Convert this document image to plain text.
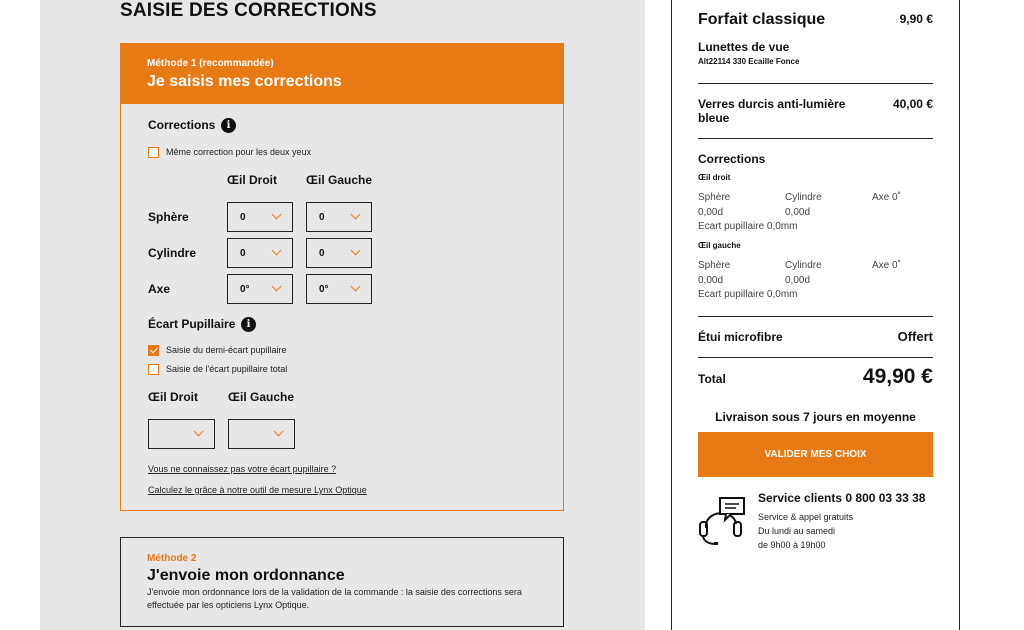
SAISIE DES CORRECTIONS
Méthode 1 (recommandée)
Je saisis mes corrections
Corrections	i
Même correction pour les deux yeux
Œil Droit Œil Gauche
Sphère	0	0
Cylindre	0	0
Axe	0°	0°
Écart Pupillaire	i
Saisie du demi-écart pupillaire
Saisie de l'écart pupillaire total
Œil Droit	Œil Gauche
Vous ne connaissez pas votre écart pupillaire ?
Calculez le grâce à notre outil de mesure Lynx Optique
Méthode 2
J'envoie mon ordonnance
J'envoie mon ordonnance lors de la validation de la commande : la saisie des corrections sera effectuée par les opticiens Lynx Optique.
Forfait classique	9,90 €
Lunettes de vue
Alt22114 330 Ecaille Fonce
Verres durcis anti-lumière bleue
40,00 €
Corrections
Œil droit
Sphère	Cylindre	Axe 0˚
0,00d	0,00d
Ecart pupillaire 0,0mm
Œil gauche
Sphère	Cylindre	Axe 0˚
0,00d	0,00d
Ecart pupillaire 0,0mm
Étui microfibre	Offert
Total	49,90 €
Livraison sous 7 jours en moyenne
VALIDER MES CHOIX
Service clients 0 800 03 33 38
Service & appel gratuits
Du lundi au samedi
de 9h00 à 19h00
